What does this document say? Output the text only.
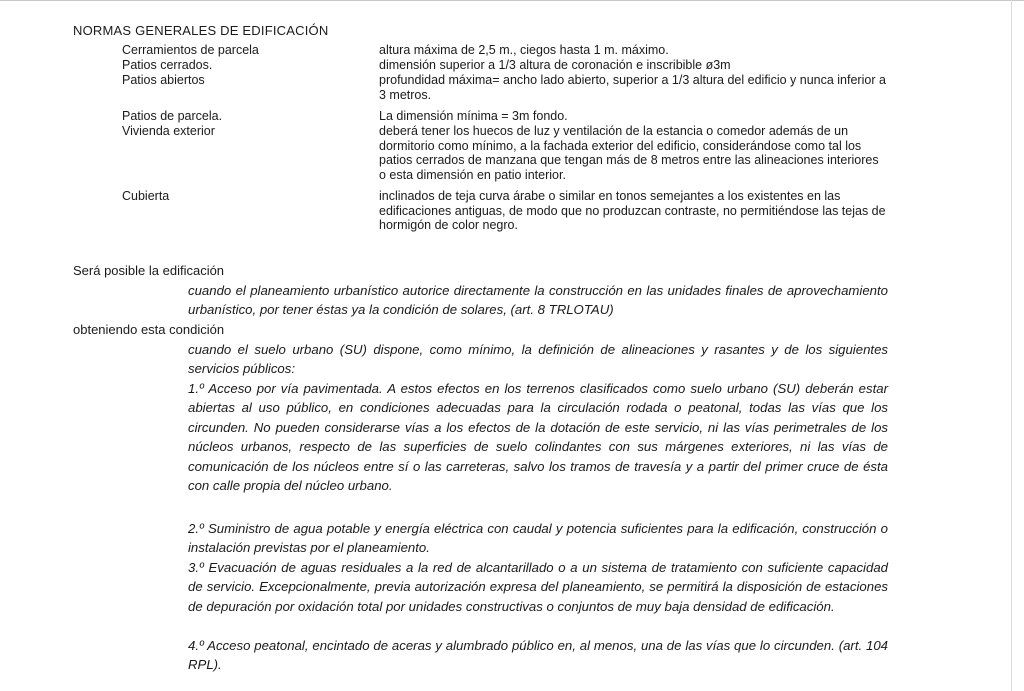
NORMAS GENERALES DE EDIFICACIÓN
Cerramientos de parcela	altura máxima de 2,5 m., ciegos hasta 1 m. máximo.
Patios cerrados.	dimensión superior a 1/3 altura de coronación e inscribible ø3m
Patios abiertos	profundidad máxima= ancho lado abierto, superior a 1/3 altura del edificio y nunca inferior a 3 metros.
Patios de parcela.	La dimensión mínima = 3m fondo.
Vivienda exterior	deberá tener los huecos de luz y ventilación de la estancia o comedor además de un dormitorio como mínimo, a la fachada exterior del edificio, considerándose como tal los patios cerrados de manzana que tengan más de 8 metros entre las alineaciones interiores o esta dimensión en patio interior.
Cubierta	inclinados de teja curva árabe o similar en tonos semejantes a los existentes en las edificaciones antiguas, de modo que no produzcan contraste, no permitiéndose las tejas de hormigón de color negro.
Será posible la edificación
cuando el planeamiento urbanístico autorice directamente la construcción en las unidades finales de aprovechamiento urbanístico, por tener éstas ya la condición de solares, (art. 8 TRLOTAU)
obteniendo esta condición
cuando el suelo urbano (SU) dispone, como mínimo, la definición de alineaciones y rasantes y de los siguientes servicios públicos:
1.º Acceso por vía pavimentada. A estos efectos en los terrenos clasificados como suelo urbano (SU) deberán estar abiertas al uso público, en condiciones adecuadas para la circulación rodada o peatonal, todas las vías que los circunden. No pueden considerarse vías a los efectos de la dotación de este servicio, ni las vías perimetrales de los núcleos urbanos, respecto de las superficies de suelo colindantes con sus márgenes exteriores, ni las vías de comunicación de los núcleos entre sí o las carreteras, salvo los tramos de travesía y a partir del primer cruce de ésta con calle propia del núcleo urbano.
2.º Suministro de agua potable y energía eléctrica con caudal y potencia suficientes para la edificación, construcción o instalación previstas por el planeamiento.
3.º Evacuación de aguas residuales a la red de alcantarillado o a un sistema de tratamiento con suficiente capacidad de servicio. Excepcionalmente, previa autorización expresa del planeamiento, se permitirá la disposición de estaciones de depuración por oxidación total por unidades constructivas o conjuntos de muy baja densidad de edificación.
4.º Acceso peatonal, encintado de aceras y alumbrado público en, al menos, una de las vías que lo circunden. (art. 104 RPL).
